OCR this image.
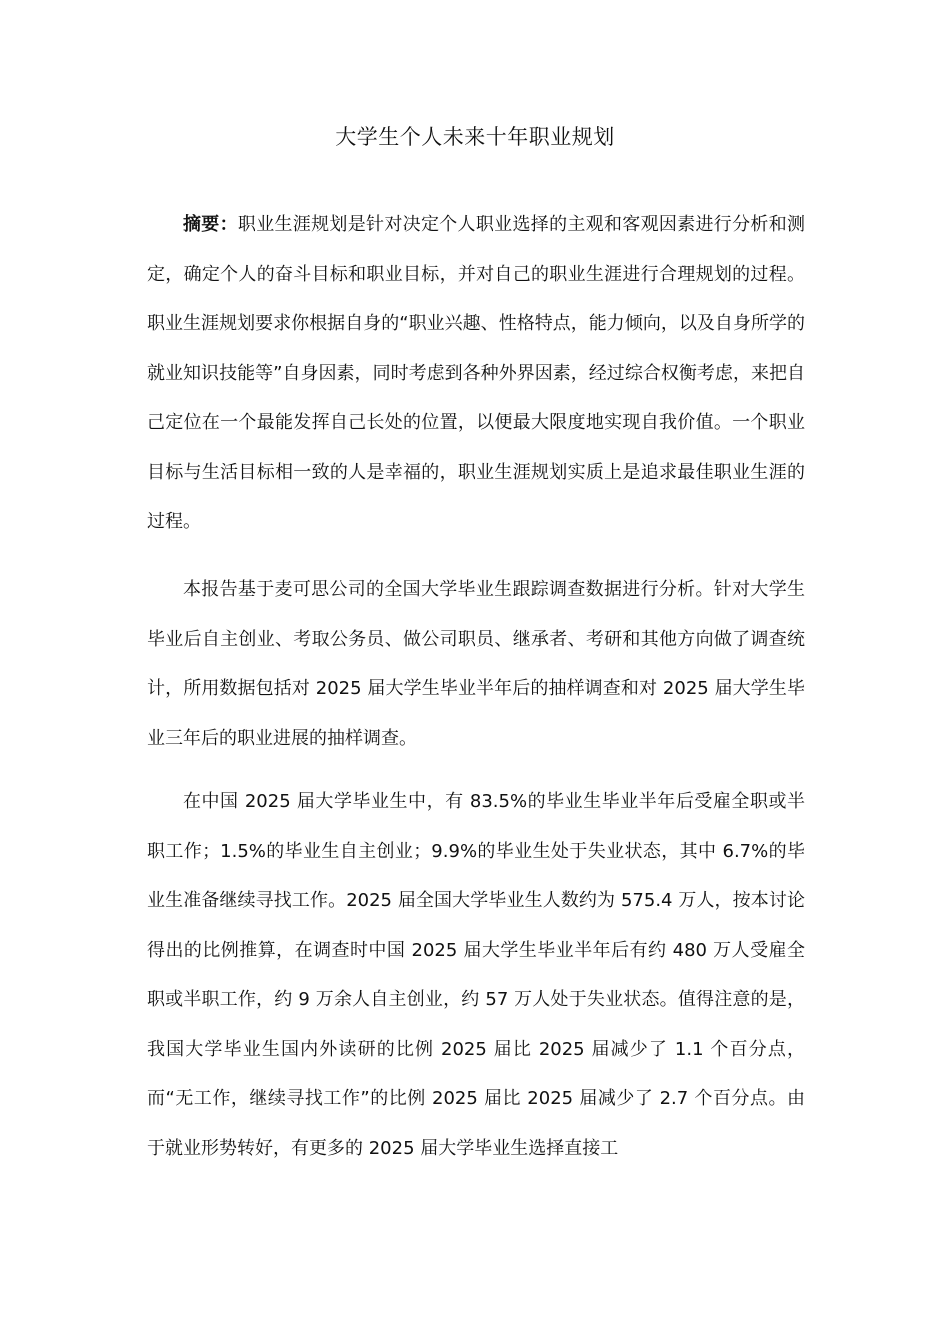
大学生个人未来十年职业规划

摘要：职业生涯规划是针对决定个人职业选择的主观和客观因素进行分析和测定，确定个人的奋斗目标和职业目标，并对自己的职业生涯进行合理规划的过程。职业生涯规划要求你根据自身的“职业兴趣、性格特点，能力倾向，以及自身所学的就业知识技能等”自身因素，同时考虑到各种外界因素，经过综合权衡考虑，来把自己定位在一个最能发挥自己长处的位置，以便最大限度地实现自我价值。一个职业目标与生活目标相一致的人是幸福的，职业生涯规划实质上是追求最佳职业生涯的过程。

本报告基于麦可思公司的全国大学毕业生跟踪调查数据进行分析。针对大学生毕业后自主创业、考取公务员、做公司职员、继承者、考研和其他方向做了调查统计，所用数据包括对 2025 届大学生毕业半年后的抽样调查和对 2025 届大学生毕业三年后的职业进展的抽样调查。

在中国 2025 届大学毕业生中，有 83.5%的毕业生毕业半年后受雇全职或半职工作；1.5%的毕业生自主创业；9.9%的毕业生处于失业状态，其中 6.7%的毕业生准备继续寻找工作。2025 届全国大学毕业生人数约为 575.4 万人，按本讨论得出的比例推算，在调查时中国 2025 届大学生毕业半年后有约 480 万人受雇全职或半职工作，约 9 万余人自主创业，约 57 万人处于失业状态。值得注意的是，我国大学毕业生国内外读研的比例 2025 届比 2025 届减少了 1.1 个百分点，而“无工作，继续寻找工作”的比例 2025 届比 2025 届减少了 2.7 个百分点。由于就业形势转好，有更多的 2025 届大学毕业生选择直接工
